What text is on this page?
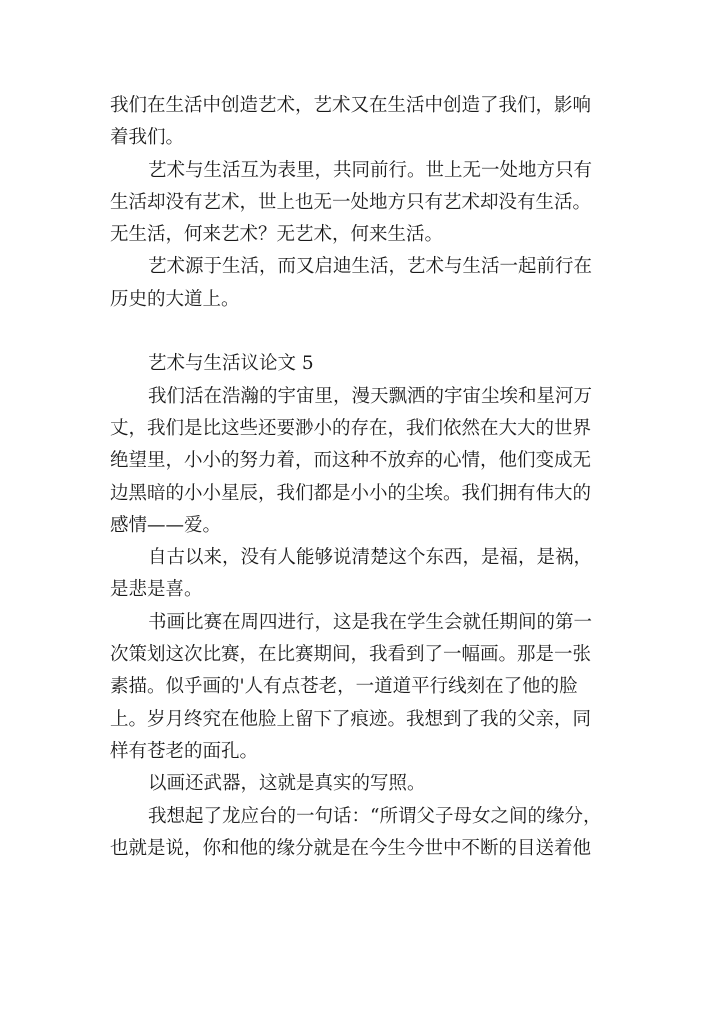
我们在生活中创造艺术，艺术又在生活中创造了我们，影响
着我们。
艺术与生活互为表里，共同前行。世上无一处地方只有
生活却没有艺术，世上也无一处地方只有艺术却没有生活。
无生活，何来艺术？无艺术，何来生活。
艺术源于生活，而又启迪生活，艺术与生活一起前行在
历史的大道上。
艺术与生活议论文 5
我们活在浩瀚的宇宙里，漫天飘洒的宇宙尘埃和星河万
丈，我们是比这些还要渺小的存在，我们依然在大大的世界
绝望里，小小的努力着，而这种不放弃的心情，他们变成无
边黑暗的小小星辰，我们都是小小的尘埃。我们拥有伟大的
感情——爱。
自古以来，没有人能够说清楚这个东西，是福，是祸，
是悲是喜。
书画比赛在周四进行，这是我在学生会就任期间的第一
次策划这次比赛，在比赛期间，我看到了一幅画。那是一张
素描。似乎画的'人有点苍老，一道道平行线刻在了他的脸
上。岁月终究在他脸上留下了痕迹。我想到了我的父亲，同
样有苍老的面孔。
以画还武器，这就是真实的写照。
我想起了龙应台的一句话：“所谓父子母女之间的缘分，
也就是说，你和他的缘分就是在今生今世中不断的目送着他
